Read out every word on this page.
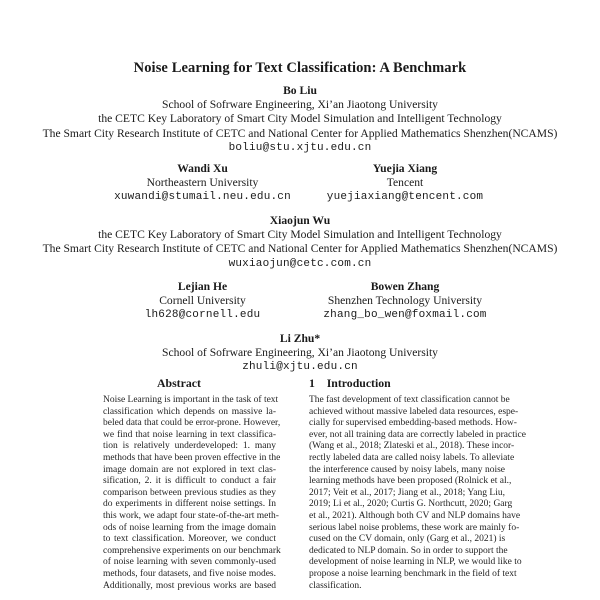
Noise Learning for Text Classification: A Benchmark
Bo Liu
School of Sofrware Engineering, Xi’an Jiaotong University
the CETC Key Laboratory of Smart City Model Simulation and Intelligent Technology
The Smart City Research Institute of CETC and National Center for Applied Mathematics Shenzhen(NCAMS)
boliu@stu.xjtu.edu.cn
Wandi Xu
Northeastern University
xuwandi@stumail.neu.edu.cn
Yuejia Xiang
Tencent
yuejiaxiang@tencent.com
Xiaojun Wu
the CETC Key Laboratory of Smart City Model Simulation and Intelligent Technology
The Smart City Research Institute of CETC and National Center for Applied Mathematics Shenzhen(NCAMS)
wuxiaojun@cetc.com.cn
Lejian He
Cornell University
lh628@cornell.edu
Bowen Zhang
Shenzhen Technology University
zhang_bo_wen@foxmail.com
Li Zhu*
School of Sofrware Engineering, Xi’an Jiaotong University
zhuli@xjtu.edu.cn
Abstract
Noise Learning is important in the task of text
classification which depends on massive la-
beled data that could be error-prone. However,
we find that noise learning in text classifica-
tion is relatively underdeveloped: 1. many
methods that have been proven effective in the
image domain are not explored in text clas-
sification, 2. it is difficult to conduct a fair
comparison between previous studies as they
do experiments in different noise settings. In
this work, we adapt four state-of-the-art meth-
ods of noise learning from the image domain
to text classification. Moreover, we conduct
comprehensive experiments on our benchmark
of noise learning with seven commonly-used
methods, four datasets, and five noise modes.
Additionally, most previous works are based
1    Introduction
The fast development of text classification cannot be
achieved without massive labeled data resources, espe-
cially for supervised embedding-based methods. How-
ever, not all training data are correctly labeled in practice
(Wang et al., 2018; Zlateski et al., 2018). These incor-
rectly labeled data are called noisy labels. To alleviate
the interference caused by noisy labels, many noise
learning methods have been proposed (Rolnick et al.,
2017; Veit et al., 2017; Jiang et al., 2018; Yang Liu,
2019; Li et al., 2020; Curtis G. Northcutt, 2020; Garg
et al., 2021). Although both CV and NLP domains have
serious label noise problems, these work are mainly fo-
cused on the CV domain, only (Garg et al., 2021) is
dedicated to NLP domain. So in order to support the
development of noise learning in NLP, we would like to
propose a noise learning benchmark in the field of text
classification.
